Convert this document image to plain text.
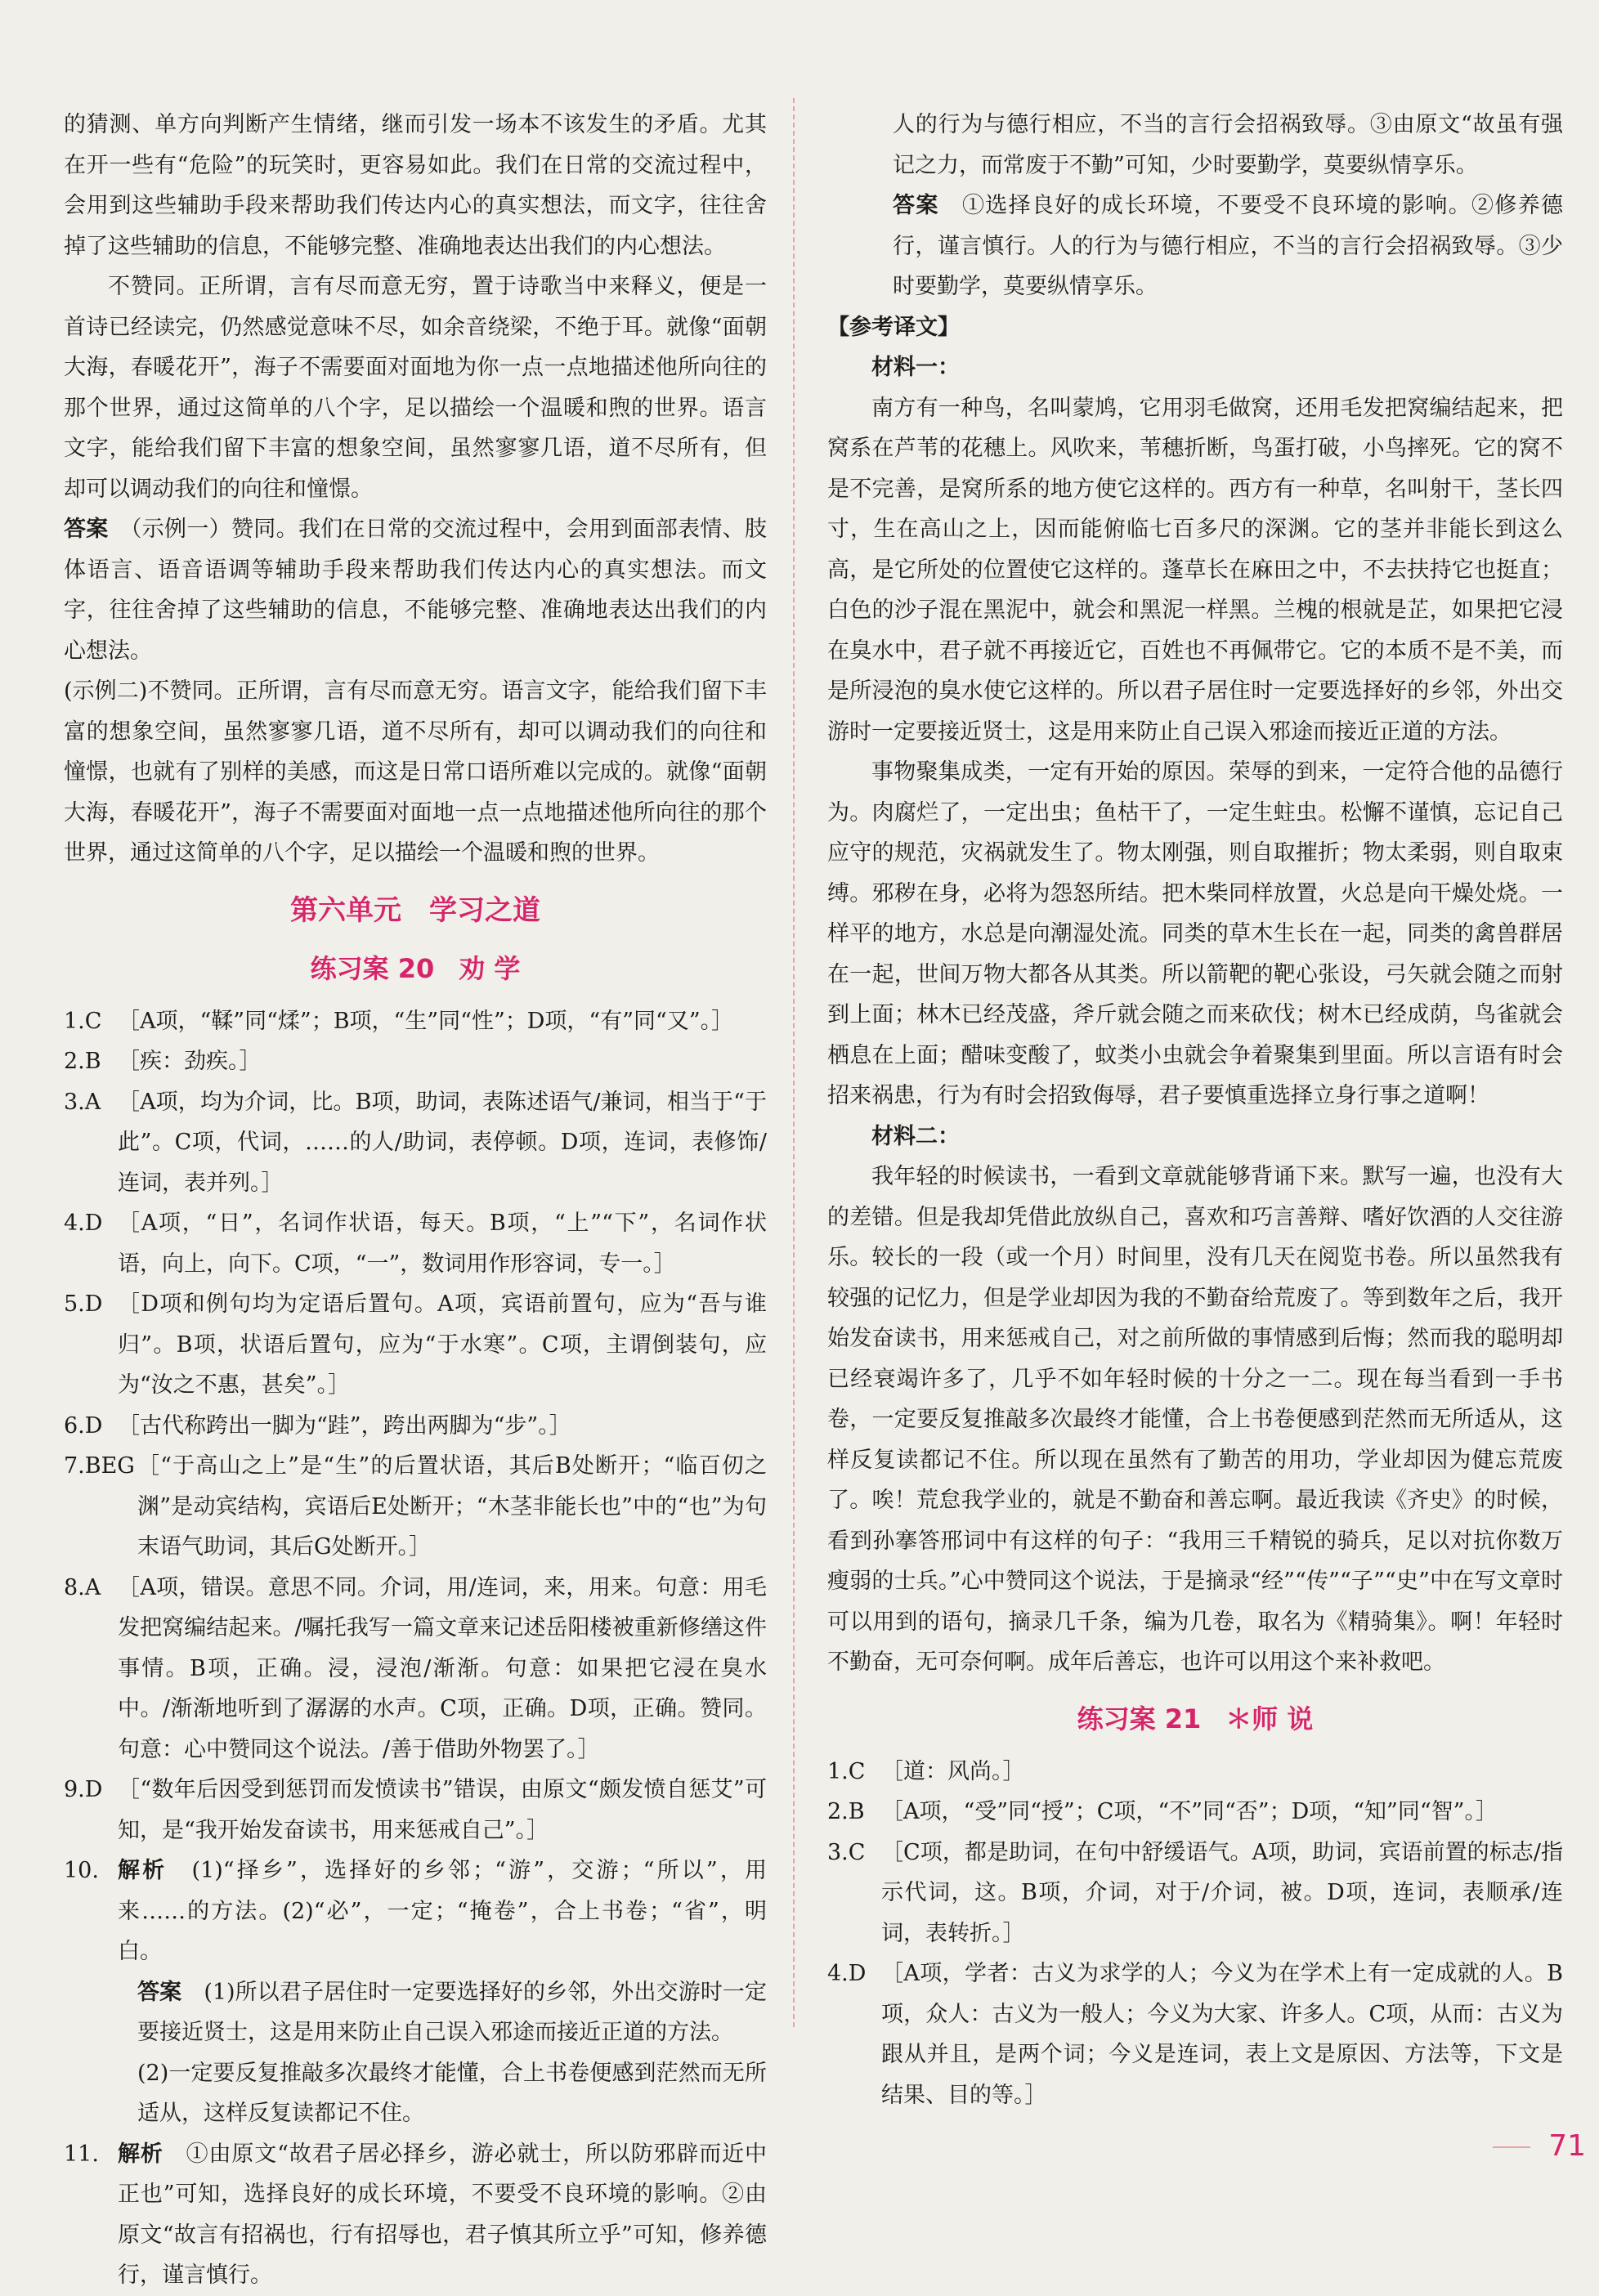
的猜测、单方向判断产生情绪，继而引发一场本不该发生的矛盾。尤其在开一些有“危险”的玩笑时，更容易如此。我们在日常的交流过程中，会用到这些辅助手段来帮助我们传达内心的真实想法，而文字，往往舍掉了这些辅助的信息，不能够完整、准确地表达出我们的内心想法。

不赞同。正所谓，言有尽而意无穷，置于诗歌当中来释义，便是一首诗已经读完，仍然感觉意味不尽，如余音绕梁，不绝于耳。就像“面朝大海，春暖花开”，海子不需要面对面地为你一点一点地描述他所向往的那个世界，通过这简单的八个字，足以描绘一个温暖和煦的世界。语言文字，能给我们留下丰富的想象空间，虽然寥寥几语，道不尽所有，但却可以调动我们的向往和憧憬。

答案　 （示例一）赞同。我们在日常的交流过程中，会用到面部表情、肢体语言、语音语调等辅助手段来帮助我们传达内心的真实想法。而文字，往往舍掉了这些辅助的信息，不能够完整、准确地表达出我们的内心想法。

(示例二)不赞同。正所谓，言有尽而意无穷。语言文字，能给我们留下丰富的想象空间，虽然寥寥几语，道不尽所有，却可以调动我们的向往和憧憬，也就有了别样的美感，而这是日常口语所难以完成的。就像“面朝大海，春暖花开”，海子不需要面对面地一点一点地描述他所向往的那个世界，通过这简单的八个字，足以描绘一个温暖和煦的世界。

第六单元　学习之道
练习案 20 劝 学
1.C ［A项，“鞣”同“煣”；B项，“生”同“性”；D项，“有”同“又”。］
2.B ［疾：劲疾。］
3.A ［A项，均为介词，比。B项，助词，表陈述语气/兼词，相当于“于此”。C项，代词，……的人/助词，表停顿。D项，连词，表修饰/连词，表并列。］
4.D ［A项，“日”，名词作状语，每天。B项，“上”“下”，名词作状语，向上，向下。C项，“一”，数词用作形容词，专一。］
5.D ［D项和例句均为定语后置句。A项，宾语前置句，应为“吾与谁归”。B项，状语后置句，应为“于水寒”。C项，主谓倒装句，应为“汝之不惠，甚矣”。］
6.D ［古代称跨出一脚为“跬”，跨出两脚为“步”。］
7.BEG ［“于高山之上”是“生”的后置状语，其后B处断开；“临百仞之渊”是动宾结构，宾语后E处断开；“木茎非能长也”中的“也”为句末语气助词，其后G处断开。］
8.A ［A项，错误。意思不同。介词，用/连词，来，用来。句意：用毛发把窝编结起来。/嘱托我写一篇文章来记述岳阳楼被重新修缮这件事情。B项，正确。浸，浸泡/渐渐。句意：如果把它浸在臭水中。/渐渐地听到了潺潺的水声。C项，正确。D项，正确。赞同。句意：心中赞同这个说法。/善于借助外物罢了。］
9.D ［“数年后因受到惩罚而发愤读书”错误，由原文“颇发愤自惩艾”可知，是“我开始发奋读书，用来惩戒自己”。］
10. 解析　 (1)“择乡”，选择好的乡邻；“游”，交游；“所以”，用来……的方法。(2)“必”，一定；“掩卷”，合上书卷；“省”，明白。

答案　 (1)所以君子居住时一定要选择好的乡邻，外出交游时一定要接近贤士，这是用来防止自己误入邪途而接近正道的方法。

(2)一定要反复推敲多次最终才能懂，合上书卷便感到茫然而无所适从，这样反复读都记不住。

11. 解析　 ①由原文“故君子居必择乡，游必就士，所以防邪辟而近中正也”可知，选择良好的成长环境，不要受不良环境的影响。②由原文“故言有招祸也，行有招辱也，君子慎其所立乎”可知，修养德行，谨言慎行。

人的行为与德行相应，不当的言行会招祸致辱。③由原文“故虽有强记之力，而常废于不勤”可知，少时要勤学，莫要纵情享乐。

答案　 ①选择良好的成长环境，不要受不良环境的影响。②修养德行，谨言慎行。人的行为与德行相应，不当的言行会招祸致辱。③少时要勤学，莫要纵情享乐。

【参考译文】

材料一：

南方有一种鸟，名叫蒙鸠，它用羽毛做窝，还用毛发把窝编结起来，把窝系在芦苇的花穗上。风吹来，苇穗折断，鸟蛋打破，小鸟摔死。它的窝不是不完善，是窝所系的地方使它这样的。西方有一种草，名叫射干，茎长四寸，生在高山之上，因而能俯临七百多尺的深渊。它的茎并非能长到这么高，是它所处的位置使它这样的。蓬草长在麻田之中，不去扶持它也挺直；白色的沙子混在黑泥中，就会和黑泥一样黑。兰槐的根就是芷，如果把它浸在臭水中，君子就不再接近它，百姓也不再佩带它。它的本质不是不美，而是所浸泡的臭水使它这样的。所以君子居住时一定要选择好的乡邻，外出交游时一定要接近贤士，这是用来防止自己误入邪途而接近正道的方法。

事物聚集成类，一定有开始的原因。荣辱的到来，一定符合他的品德行为。肉腐烂了，一定出虫；鱼枯干了，一定生蛀虫。松懈不谨慎，忘记自己应守的规范，灾祸就发生了。物太刚强，则自取摧折；物太柔弱，则自取束缚。邪秽在身，必将为怨怒所结。把木柴同样放置，火总是向干燥处烧。一样平的地方，水总是向潮湿处流。同类的草木生长在一起，同类的禽兽群居在一起，世间万物大都各从其类。所以箭靶的靶心张设，弓矢就会随之而射到上面；林木已经茂盛，斧斤就会随之而来砍伐；树木已经成荫，鸟雀就会栖息在上面；醋味变酸了，蚊类小虫就会争着聚集到里面。所以言语有时会招来祸患，行为有时会招致侮辱，君子要慎重选择立身行事之道啊！

材料二：

我年轻的时候读书，一看到文章就能够背诵下来。默写一遍，也没有大的差错。但是我却凭借此放纵自己，喜欢和巧言善辩、嗜好饮酒的人交往游乐。较长的一段（或一个月）时间里，没有几天在阅览书卷。所以虽然我有较强的记忆力，但是学业却因为我的不勤奋给荒废了。等到数年之后，我开始发奋读书，用来惩戒自己，对之前所做的事情感到后悔；然而我的聪明却已经衰竭许多了，几乎不如年轻时候的十分之一二。现在每当看到一手书卷，一定要反复推敲多次最终才能懂，合上书卷便感到茫然而无所适从，这样反复读都记不住。所以现在虽然有了勤苦的用功，学业却因为健忘荒废了。唉！荒怠我学业的，就是不勤奋和善忘啊。最近我读《齐史》的时候，看到孙搴答邢词中有这样的句子：“我用三千精锐的骑兵，足以对抗你数万瘦弱的士兵。”心中赞同这个说法，于是摘录“经”“传”“子”“史”中在写文章时可以用到的语句，摘录几千条，编为几卷，取名为《精骑集》。啊！年轻时不勤奋，无可奈何啊。成年后善忘，也许可以用这个来补救吧。

练习案 21 ＊师 说
1.C ［道：风尚。］
2.B ［A项，“受”同“授”；C项，“不”同“否”；D项，“知”同“智”。］
3.C ［C项，都是助词，在句中舒缓语气。A项，助词，宾语前置的标志/指示代词，这。B项，介词，对于/介词，被。D项，连词，表顺承/连词，表转折。］
4.D ［A项，学者：古义为求学的人；今义为在学术上有一定成就的人。B项，众人：古义为一般人；今义为大家、许多人。C项，从而：古义为跟从并且，是两个词；今义是连词，表上文是原因、方法等，下文是结果、目的等。］
71
